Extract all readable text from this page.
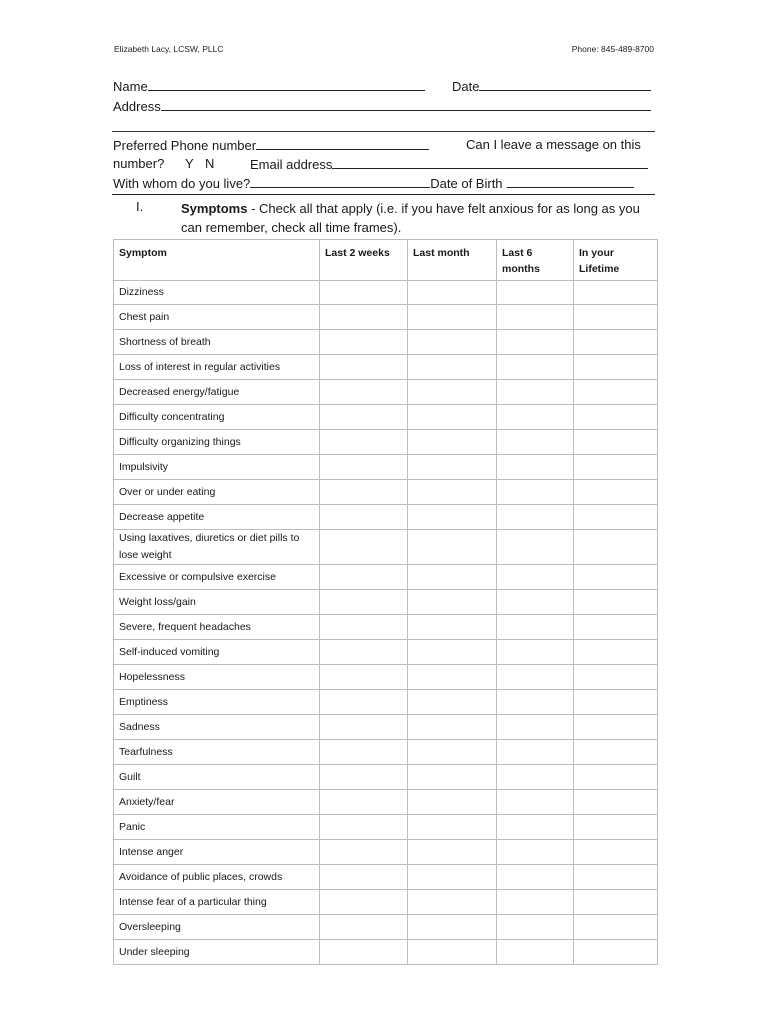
Elizabeth Lacy, LCSW, PLLC	Phone: 845-489-8700
Name	Date
Address
Preferred Phone number	Can I leave a message on this
number? Y N	Email address
With whom do you live?	Date of Birth
I.	Symptoms - Check all that apply (i.e. if you have felt anxious for as long as you can remember, check all time frames).
Symptom	Last 2 weeks	Last month	Last 6 months	In your Lifetime
Dizziness				
Chest pain				
Shortness of breath				
Loss of interest in regular activities				
Decreased energy/fatigue				
Difficulty concentrating				
Difficulty organizing things				
Impulsivity				
Over or under eating				
Decrease appetite				
Using laxatives, diuretics or diet pills to lose weight				
Excessive or compulsive exercise				
Weight loss/gain				
Severe, frequent headaches				
Self-induced vomiting				
Hopelessness				
Emptiness				
Sadness				
Tearfulness				
Guilt				
Anxiety/fear				
Panic				
Intense anger				
Avoidance of public places, crowds				
Intense fear of a particular thing				
Oversleeping				
Under sleeping				
